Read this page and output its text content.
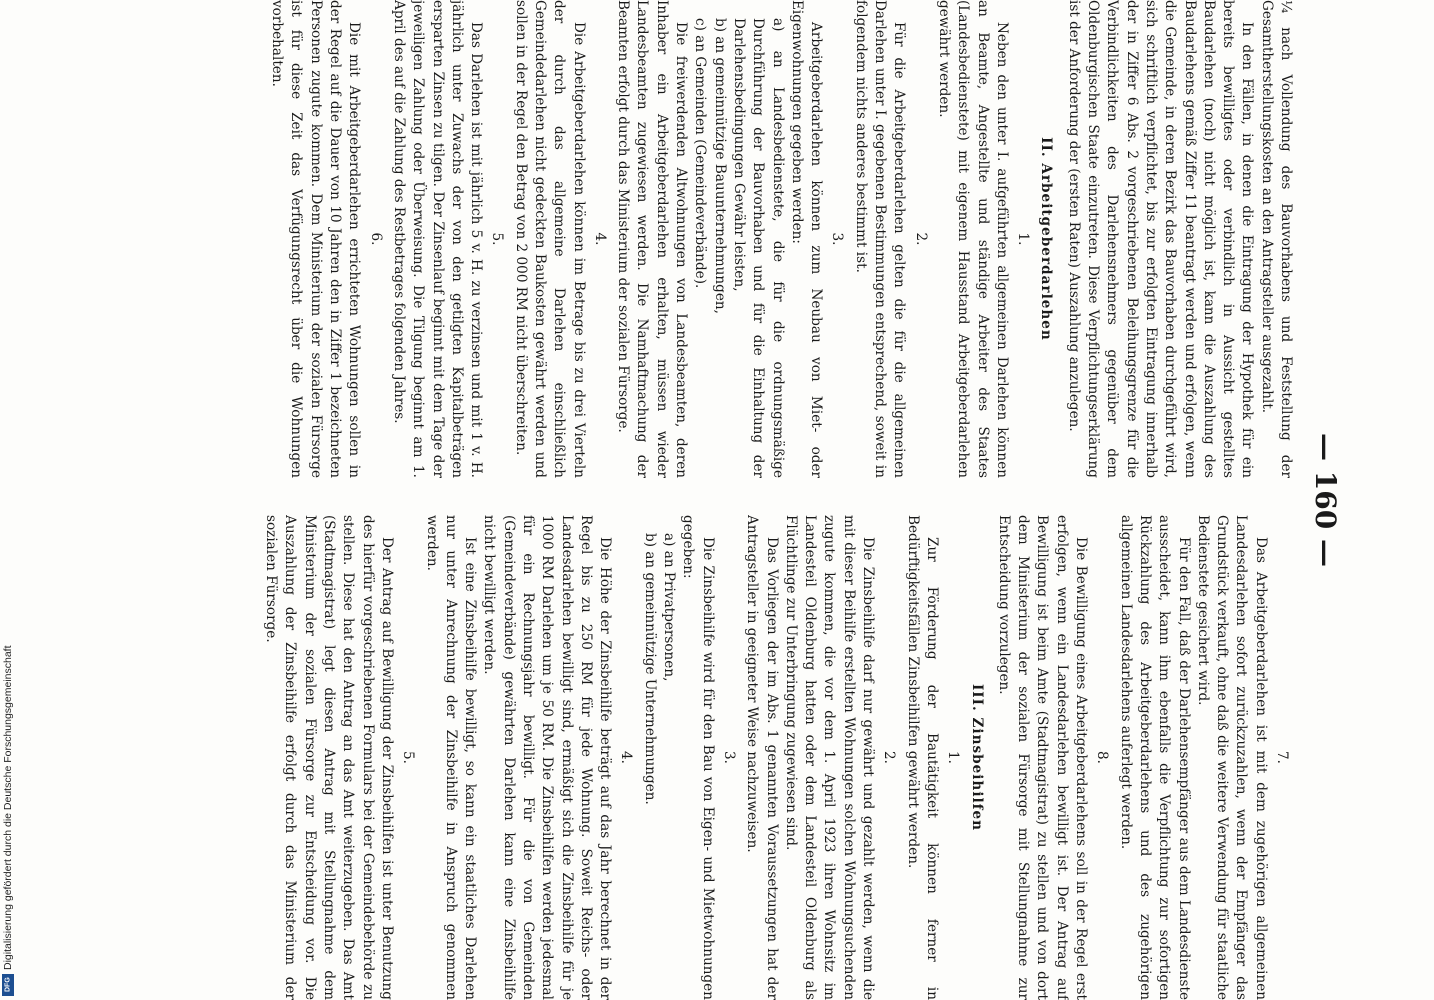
— 160 —

¼ nach Vollendung des Bauvorhabens und Feststellung der Gesamtherstellungskosten an den Antragsteller ausgezahlt.

In den Fällen, in denen die Eintragung der Hypothek für ein bereits bewilligtes oder verbindlich in Aussicht gestelltes Baudarlehen (noch) nicht möglich ist, kann die Auszahlung des Baudarlehens gemäß Ziffer 11 beantragt werden und erfolgen, wenn die Gemeinde, in deren Bezirk das Bauvorhaben durchgeführt wird, sich schriftlich verpflichtet, bis zur erfolgten Eintragung innerhalb der in Ziffer 6 Abs. 2 vorgeschriebenen Beleihungsgrenze für die Verbindlichkeiten des Darlehensnehmers gegenüber dem Oldenburgischen Staate einzutreten. Diese Verpflichtungserklärung ist der Anforderung der (ersten Raten) Auszahlung anzulegen.

II. Arbeitgeberdarlehen
1.

Neben den unter I. aufgeführten allgemeinen Darlehen können an Beamte, Angestellte und ständige Arbeiter des Staates (Landesbedienstete) mit eigenem Hausstand Arbeitgeberdarlehen gewährt werden.

2.

Für die Arbeitgeberdarlehen gelten die für die allgemeinen Darlehen unter I. gegebenen Bestimmungen entsprechend, soweit in folgendem nichts anderes bestimmt ist.

3.

Arbeitgeberdarlehen können zum Neubau von Miet- oder Eigenwohnungen gegeben werden:

a) an Landesbedienstete, die für die ordnungsmäßige Durchführung der Bauvorhaben und für die Einhaltung der Darlehensbedingungen Gewähr leisten,

b) an gemeinnützige Bauunternehmungen,

c) an Gemeinden (Gemeindeverbände).

Die freiwerdenden Altwohnungen von Landesbeamten, deren Inhaber ein Arbeitgeberdarlehen erhalten, müssen wieder Landesbeamten zugewiesen werden. Die Namhaftmachung der Beamten erfolgt durch das Ministerium der sozialen Fürsorge.

4.

Die Arbeitgeberdarlehen können im Betrage bis zu drei Vierteln der durch das allgemeine Darlehen einschließlich Gemeindedarlehen nicht gedeckten Baukosten gewährt werden und sollen in der Regel den Betrag von 2 000 RM nicht überschreiten.

5.

Das Darlehen ist mit jährlich 5 v. H. zu verzinsen und mit 1 v. H. jährlich unter Zuwachs der von den getilgten Kapitalbeträgen ersparten Zinsen zu tilgen. Der Zinsenlauf beginnt mit dem Tage der jeweiligen Zahlung oder Überweisung. Die Tilgung beginnt am 1. April des auf die Zahlung des Restbetrages folgenden Jahres.

6.

Die mit Arbeitgeberdarlehen errichteten Wohnungen sollen in der Regel auf die Dauer von 10 Jahren den in Ziffer 1 bezeichneten Personen zugute kommen. Dem Ministerium der sozialen Fürsorge ist für diese Zeit das Verfügungsrecht über die Wohnungen vorbehalten.

7.

Das Arbeitgeberdarlehen ist mit dem zugehörigen allgemeinen Landesdarlehen sofort zurückzuzahlen, wenn der Empfänger das Grundstück verkauft, ohne daß die weitere Verwendung für staatliche Bedienstete gesichert wird.

Für den Fall, daß der Darlehensempfänger aus dem Landesdienste ausscheidet, kann ihm ebenfalls die Verpflichtung zur sofortigen Rückzahlung des Arbeitgeberdarlehens und des zugehörigen allgemeinen Landesdarlehens auferlegt werden.

8.

Die Bewilligung eines Arbeitgeberdarlehens soll in der Regel erst erfolgen, wenn ein Landesdarlehen bewilligt ist. Der Antrag auf Bewilligung ist beim Amte (Stadtmagistrat) zu stellen und von dort dem Ministerium der sozialen Fürsorge mit Stellungnahme zur Entscheidung vorzulegen.

III. Zinsbeihilfen
1.

Zur Förderung der Bautätigkeit können ferner in Bedürftigkeitsfällen Zinsbeihilfen gewährt werden.

2.

Die Zinsbeihilfe darf nur gewährt und gezahlt werden, wenn die mit dieser Beihilfe erstellten Wohnungen solchen Wohnungsuchenden zugute kommen, die vor dem 1. April 1923 ihren Wohnsitz im Landesteil Oldenburg hatten oder dem Landesteil Oldenburg als Flüchtlinge zur Unterbringung zugewiesen sind.

Das Vorliegen der im Abs. 1 genannten Voraussetzungen hat der Antragsteller in geeigneter Weise nachzuweisen.

3.

Die Zinsbeihilfe wird für den Bau von Eigen- und Mietwohnungen gegeben:

a) an Privatpersonen,

b) an gemeinnützige Unternehmungen.

4.

Die Höhe der Zinsbeihilfe beträgt auf das Jahr berechnet in der Regel bis zu 250 RM für jede Wohnung. Soweit Reichs- oder Landesdarlehen bewilligt sind, ermäßigt sich die Zinsbeihilfe für je 1000 RM Darlehen um je 50 RM. Die Zinsbeihilfen werden jedesmal für ein Rechnungsjahr bewilligt. Für die von Gemeinden (Gemeindeverbände) gewährten Darlehen kann eine Zinsbeihilfe nicht bewilligt werden.

Ist eine Zinsbeihilfe bewilligt, so kann ein staatliches Darlehen nur unter Anrechnung der Zinsbeihilfe in Anspruch genommen werden.

5.

Der Antrag auf Bewilligung der Zinsbeihilfen ist unter Benutzung des hierfür vorgeschriebenen Formulars bei der Gemeindebehörde zu stellen. Diese hat den Antrag an das Amt weiterzugeben. Das Amt (Stadtmagistrat) legt diesen Antrag mit Stellungnahme dem Ministerium der sozialen Fürsorge zur Entscheidung vor. Die Auszahlung der Zinsbeihilfe erfolgt durch das Ministerium der sozialen Fürsorge.

Digitalisierung gefördert durch die Deutsche Forschungsgemeinschaft
DFG
